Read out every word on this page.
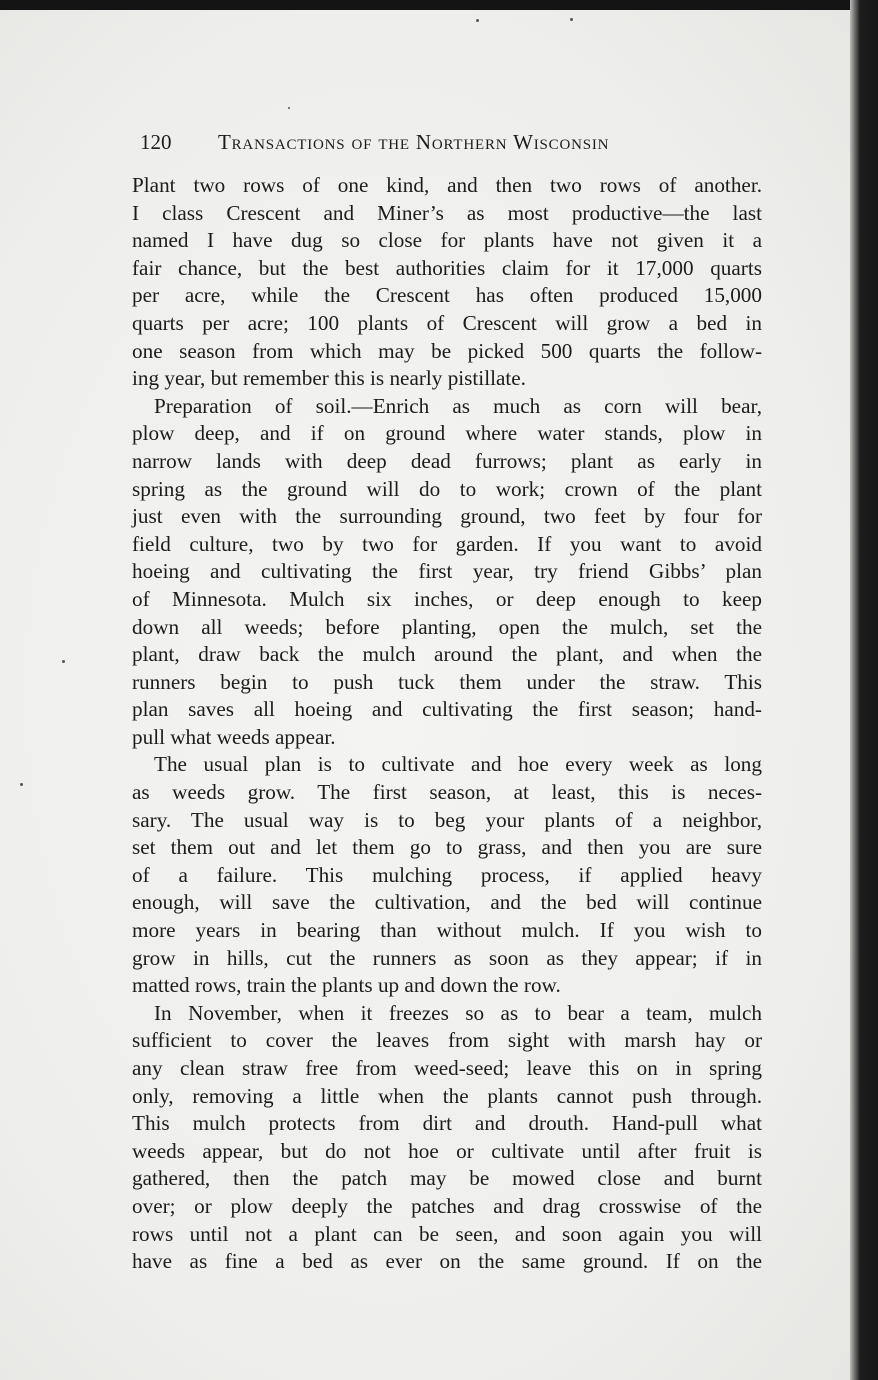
120 Transactions of the Northern Wisconsin
Plant two rows of one kind, and then two rows of another.
I class Crescent and Miner’s as most productive—the last
named I have dug so close for plants have not given it a
fair chance, but the best authorities claim for it 17,000 quarts
per acre, while the Crescent has often produced 15,000
quarts per acre; 100 plants of Crescent will grow a bed in
one season from which may be picked 500 quarts the follow-
ing year, but remember this is nearly pistillate.
Preparation of soil.—Enrich as much as corn will bear,
plow deep, and if on ground where water stands, plow in
narrow lands with deep dead furrows; plant as early in
spring as the ground will do to work; crown of the plant
just even with the surrounding ground, two feet by four for
field culture, two by two for garden. If you want to avoid
hoeing and cultivating the first year, try friend Gibbs’ plan
of Minnesota. Mulch six inches, or deep enough to keep
down all weeds; before planting, open the mulch, set the
plant, draw back the mulch around the plant, and when the
runners begin to push tuck them under the straw. This
plan saves all hoeing and cultivating the first season; hand-
pull what weeds appear.
The usual plan is to cultivate and hoe every week as long
as weeds grow. The first season, at least, this is neces-
sary. The usual way is to beg your plants of a neighbor,
set them out and let them go to grass, and then you are sure
of a failure. This mulching process, if applied heavy
enough, will save the cultivation, and the bed will continue
more years in bearing than without mulch. If you wish to
grow in hills, cut the runners as soon as they appear; if in
matted rows, train the plants up and down the row.
In November, when it freezes so as to bear a team, mulch
sufficient to cover the leaves from sight with marsh hay or
any clean straw free from weed-seed; leave this on in spring
only, removing a little when the plants cannot push through.
This mulch protects from dirt and drouth. Hand-pull what
weeds appear, but do not hoe or cultivate until after fruit is
gathered, then the patch may be mowed close and burnt
over; or plow deeply the patches and drag crosswise of the
rows until not a plant can be seen, and soon again you will
have as fine a bed as ever on the same ground. If on the
